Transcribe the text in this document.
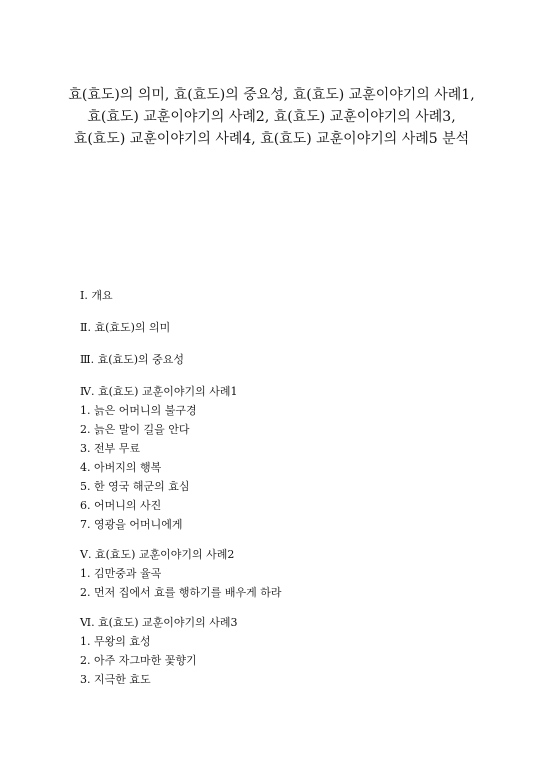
효(효도)의 의미, 효(효도)의 중요성, 효(효도) 교훈이야기의 사례1,
효(효도) 교훈이야기의 사례2, 효(효도) 교훈이야기의 사례3,
효(효도) 교훈이야기의 사례4, 효(효도) 교훈이야기의 사례5 분석
Ⅰ. 개요
Ⅱ. 효(효도)의 의미
Ⅲ. 효(효도)의 중요성
Ⅳ. 효(효도) 교훈이야기의 사례1
1. 늙은 어머니의 불구경
2. 늙은 말이 길을 안다
3. 전부 무료
4. 아버지의 행복
5. 한 영국 해군의 효심
6. 어머니의 사진
7. 영광을 어머니에게
Ⅴ. 효(효도) 교훈이야기의 사례2
1. 김만중과 율곡
2. 먼저 집에서 효를 행하기를 배우게 하라
Ⅵ. 효(효도) 교훈이야기의 사례3
1. 무왕의 효성
2. 아주 자그마한 꽃향기
3. 지극한 효도
